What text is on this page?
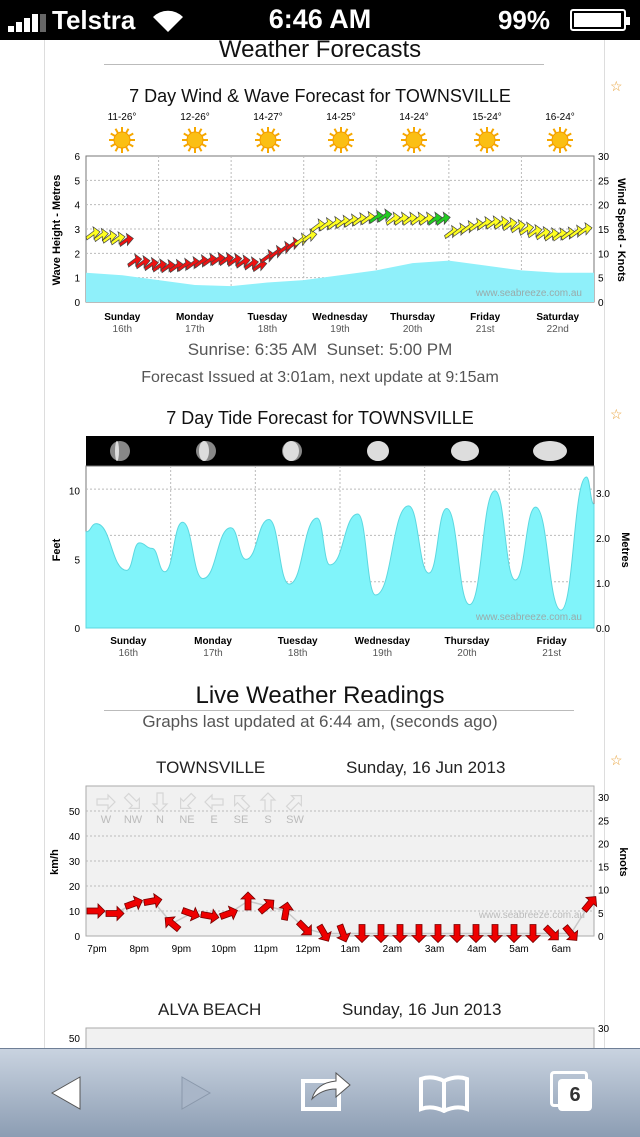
Telstra	6:46 AM	99%
Weather Forecasts
7 Day Wind & Wave Forecast for TOWNSVILLE	☆
11-26°	12-26°	14-27°	14-25°	14-24°	15-24°	16-24°
www.seabreeze.com.au
0
1
2
3
4
5
6
0
5
10
15
20
25
30
Sunday
16th
Monday
17th
Tuesday
18th
Wednesday
19th
Thursday
20th
Friday
21st
Saturday
22nd
Wave Height - Metres	Wind Speed - Knots
Sunrise: 6:35 AM Sunset: 5:00 PM
Forecast Issued at 3:01am, next update at 9:15am
7 Day Tide Forecast for TOWNSVILLE	☆
www.seabreeze.com.au
0
5
10
0.0
1.0
2.0
3.0
Sunday
16th
Monday
17th
Tuesday
18th
Wednesday
19th
Thursday
20th
Friday
21st
Feet	Metres
Live Weather Readings
Graphs last updated at 6:44 am, (seconds ago)
TOWNSVILLE	Sunday, 16 Jun 2013	☆
W NW N NE E SE S SW
www.seabreeze.com.au
0
10
20
30
40
50
0
5
10
15
20
25
30
7pm 8pm 9pm 10pm 11pm 12pm 1am 2am 3am 4am 5am 6am
km/h	knots
ALVA BEACH	Sunday, 16 Jun 2013
50
30
6
